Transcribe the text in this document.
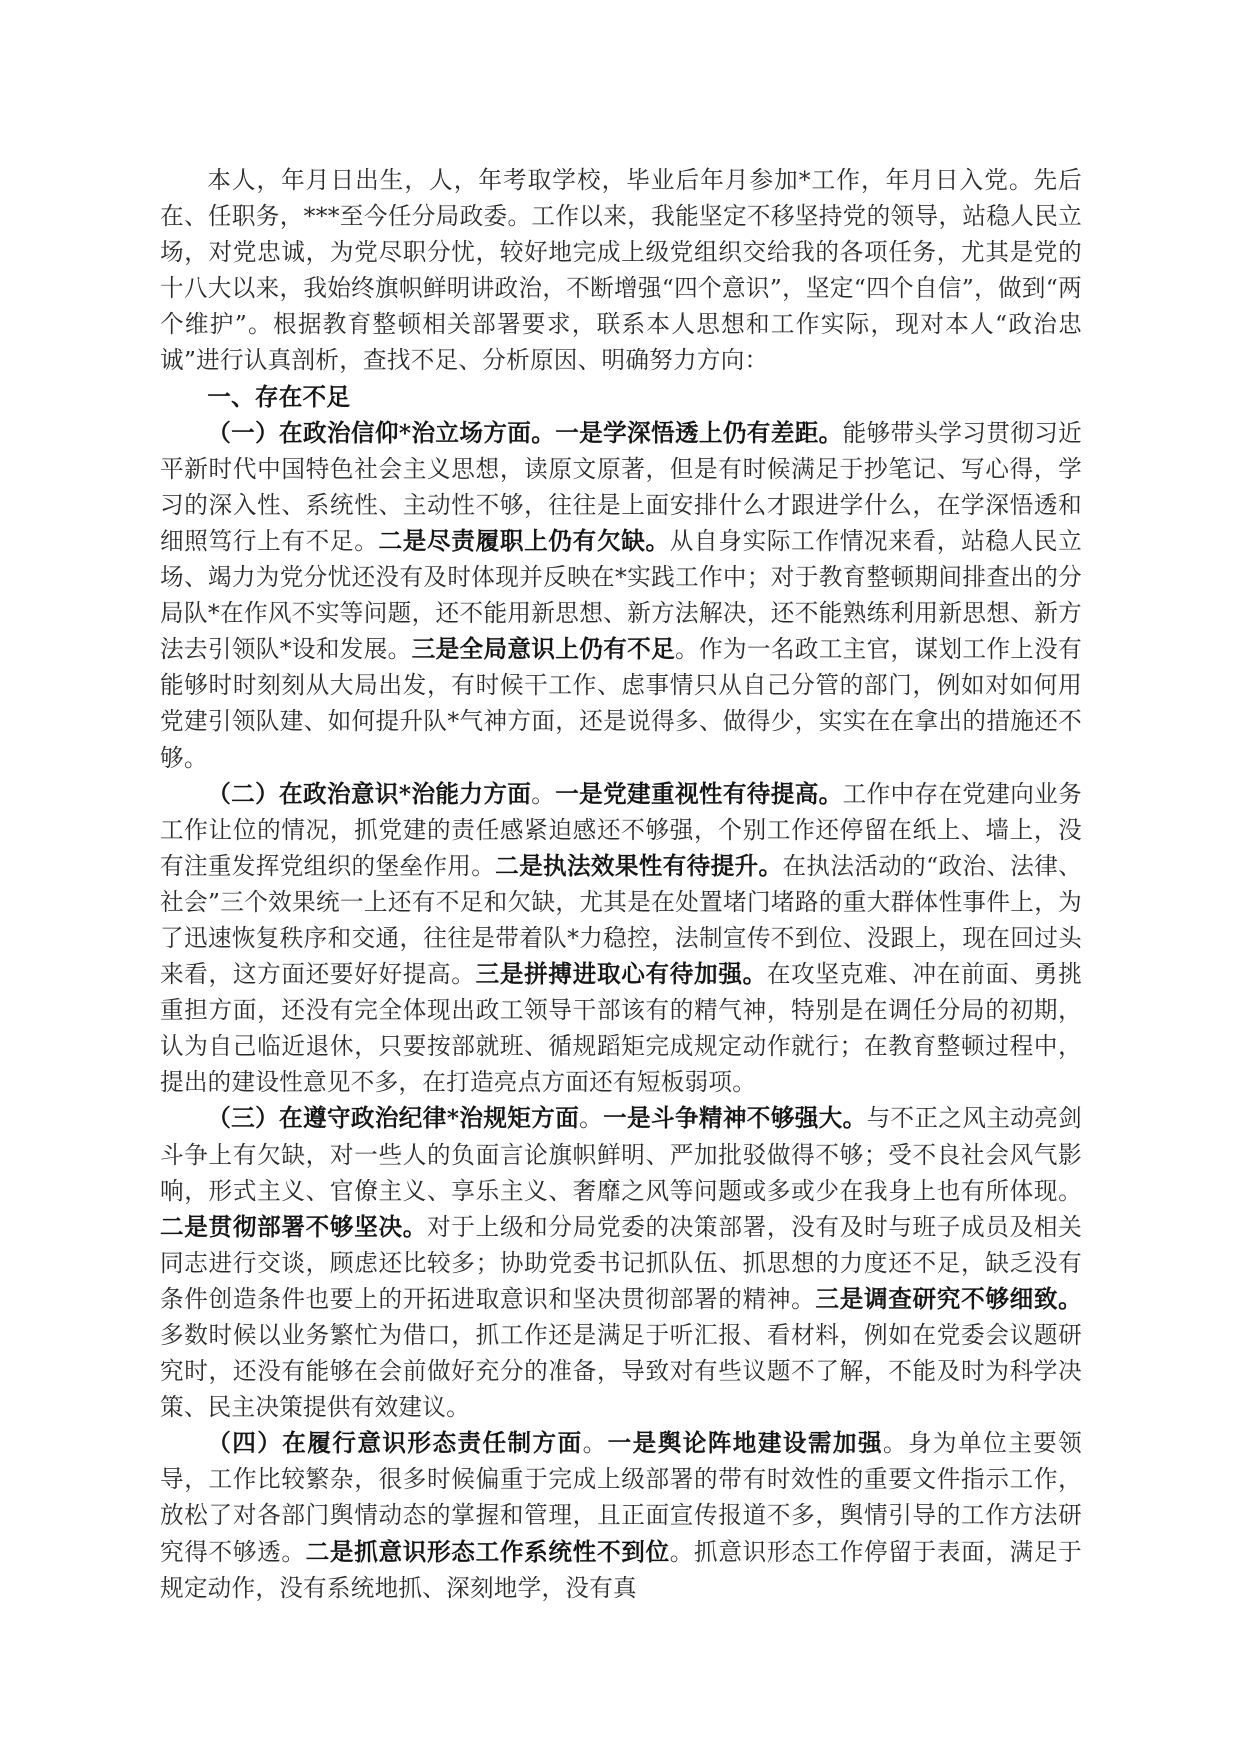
本人，年月日出生，人，年考取学校，毕业后年月参加*工作，年月日入党。先后在、任职务，***至今任分局政委。工作以来，我能坚定不移坚持党的领导，站稳人民立场，对党忠诚，为党尽职分忧，较好地完成上级党组织交给我的各项任务，尤其是党的十八大以来，我始终旗帜鲜明讲政治，不断增强“四个意识”，坚定“四个自信”，做到“两个维护”。根据教育整顿相关部署要求，联系本人思想和工作实际，现对本人“政治忠诚”进行认真剖析，查找不足、分析原因、明确努力方向：

一、存在不足

（一）在政治信仰*治立场方面。一是学深悟透上仍有差距。能够带头学习贯彻习近平新时代中国特色社会主义思想，读原文原著，但是有时候满足于抄笔记、写心得，学习的深入性、系统性、主动性不够，往往是上面安排什么才跟进学什么，在学深悟透和细照笃行上有不足。二是尽责履职上仍有欠缺。从自身实际工作情况来看，站稳人民立场、竭力为党分忧还没有及时体现并反映在*实践工作中；对于教育整顿期间排查出的分局队*在作风不实等问题，还不能用新思想、新方法解决，还不能熟练利用新思想、新方法去引领队*设和发展。三是全局意识上仍有不足。作为一名政工主官，谋划工作上没有能够时时刻刻从大局出发，有时候干工作、虑事情只从自己分管的部门，例如对如何用党建引领队建、如何提升队*气神方面，还是说得多、做得少，实实在在拿出的措施还不够。

（二）在政治意识*治能力方面。一是党建重视性有待提高。工作中存在党建向业务工作让位的情况，抓党建的责任感紧迫感还不够强，个别工作还停留在纸上、墙上，没有注重发挥党组织的堡垒作用。二是执法效果性有待提升。在执法活动的“政治、法律、社会”三个效果统一上还有不足和欠缺，尤其是在处置堵门堵路的重大群体性事件上，为了迅速恢复秩序和交通，往往是带着队*力稳控，法制宣传不到位、没跟上，现在回过头来看，这方面还要好好提高。三是拼搏进取心有待加强。在攻坚克难、冲在前面、勇挑重担方面，还没有完全体现出政工领导干部该有的精气神，特别是在调任分局的初期，认为自己临近退休，只要按部就班、循规蹈矩完成规定动作就行；在教育整顿过程中，提出的建设性意见不多，在打造亮点方面还有短板弱项。

（三）在遵守政治纪律*治规矩方面。一是斗争精神不够强大。与不正之风主动亮剑斗争上有欠缺，对一些人的负面言论旗帜鲜明、严加批驳做得不够；受不良社会风气影响，形式主义、官僚主义、享乐主义、奢靡之风等问题或多或少在我身上也有所体现。二是贯彻部署不够坚决。对于上级和分局党委的决策部署，没有及时与班子成员及相关同志进行交谈，顾虑还比较多；协助党委书记抓队伍、抓思想的力度还不足，缺乏没有条件创造条件也要上的开拓进取意识和坚决贯彻部署的精神。三是调查研究不够细致。多数时候以业务繁忙为借口，抓工作还是满足于听汇报、看材料，例如在党委会议题研究时，还没有能够在会前做好充分的准备，导致对有些议题不了解，不能及时为科学决策、民主决策提供有效建议。

（四）在履行意识形态责任制方面。一是舆论阵地建设需加强。身为单位主要领导，工作比较繁杂，很多时候偏重于完成上级部署的带有时效性的重要文件指示工作，放松了对各部门舆情动态的掌握和管理，且正面宣传报道不多，舆情引导的工作方法研究得不够透。二是抓意识形态工作系统性不到位。抓意识形态工作停留于表面，满足于规定动作，没有系统地抓、深刻地学，没有真
